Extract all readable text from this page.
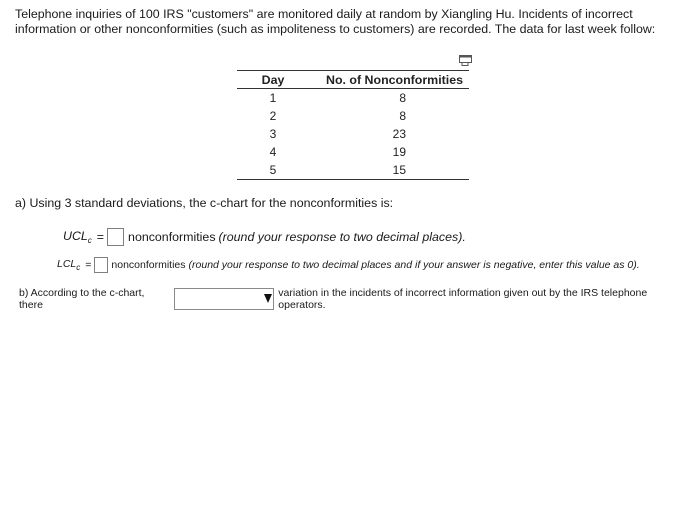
Telephone inquiries of 100 IRS "customers" are monitored daily at random by Xiangling Hu. Incidents of incorrect information or other nonconformities (such as impoliteness to customers) are recorded. The data for last week follow:
Day	No. of Nonconformities
1	8
2	8
3	23
4	19
5	15
a) Using 3 standard deviations, the c-chart for the nonconformities is:
$UCL_c$ = nonconformities (round your response to two decimal places).
$LCL_c$ = nonconformities (round your response to two decimal places and if your answer is negative, enter this value as 0).
b) According to the c-chart, there
variation in the incidents of incorrect information given out by the IRS telephone operators.
